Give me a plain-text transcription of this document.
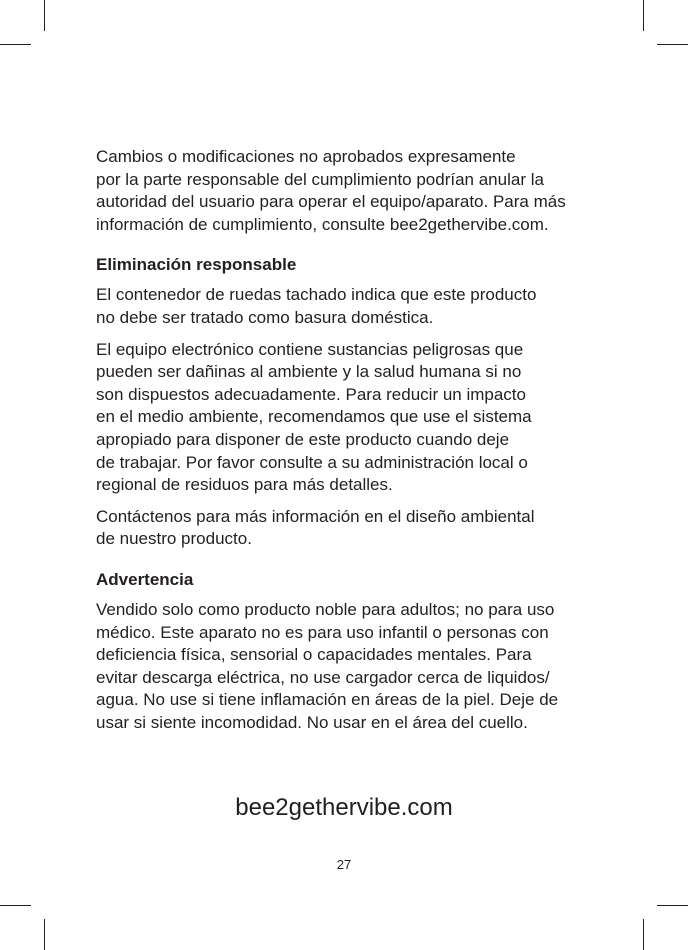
Cambios o modificaciones no aprobados expresamente
por la parte responsable del cumplimiento podrían anular la
autoridad del usuario para operar el equipo/aparato. Para más
información de cumplimiento, consulte bee2gethervibe.com.

Eliminación responsable

El contenedor de ruedas tachado indica que este producto
no debe ser tratado como basura doméstica.

El equipo electrónico contiene sustancias peligrosas que
pueden ser dañinas al ambiente y la salud humana si no
son dispuestos adecuadamente. Para reducir un impacto
en el medio ambiente, recomendamos que use el sistema
apropiado para disponer de este producto cuando deje
de trabajar. Por favor consulte a su administración local o
regional de residuos para más detalles.

Contáctenos para más información en el diseño ambiental
de nuestro producto.

Advertencia

Vendido solo como producto noble para adultos; no para uso
médico. Este aparato no es para uso infantil o personas con
deficiencia física, sensorial o capacidades mentales. Para
evitar descarga eléctrica, no use cargador cerca de liquidos/
agua. No use si tiene inflamación en áreas de la piel. Deje de
usar si siente incomodidad. No usar en el área del cuello.

bee2gethervibe.com
27
